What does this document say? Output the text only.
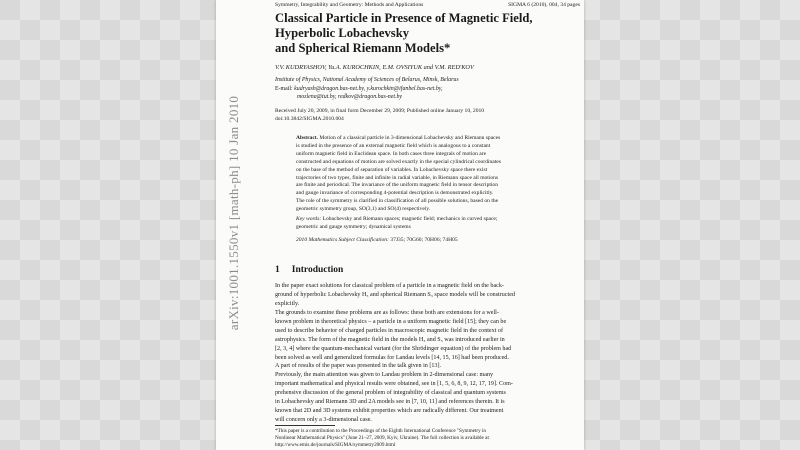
Symmetry, Integrability and Geometry: Methods and Applications	SIGMA 6 (2010), 004, 34 pages
arXiv:1001.1550v1 [math-ph] 10 Jan 2010
Classical Particle in Presence of Magnetic Field,
Hyperbolic Lobachevsky
and Spherical Riemann Models*
V.V. KUDRYASHOV, Yu.A. KUROCHKIN, E.M. OVSIYUK and V.M. RED'KOV
Institute of Physics, National Academy of Sciences of Belarus, Minsk, Belarus
E-mail: kudryash@dragon.bas-net.by, y.kurochkin@ifanbel.bas-net.by,
mozlena@tut.by, redkov@dragon.bas-net.by
Received July 20, 2009, in final form December 29, 2009; Published online January 10, 2010
doi:10.3842/SIGMA.2010.004

Abstract. Motion of a classical particle in 3-dimensional Lobachevsky and Riemann spaces

is studied in the presence of an external magnetic field which is analogous to a constant

uniform magnetic field in Euclidean space. In both cases three integrals of motion are

constructed and equations of motion are solved exactly in the special cylindrical coordinates

on the base of the method of separation of variables. In Lobachevsky space there exist

trajectories of two types, finite and infinite in radial variable, in Riemann space all motions

are finite and periodical. The invariance of the uniform magnetic field in tensor description

and gauge invariance of corresponding 4-potential description is demonstrated explicitly.

The role of the symmetry is clarified in classification of all possible solutions, based on the

geometric symmetry group, SO(3,1) and SO(4) respectively.

Key words: Lobachevsky and Riemann spaces; magnetic field; mechanics in curved space;

geometric and gauge symmetry; dynamical systems

2010 Mathematics Subject Classification: 37J35; 70G60; 70H06; 74H05

1 Introduction

In the paper exact solutions for classical problem of a particle in a magnetic field on the back-

ground of hyperbolic Lobachevsky H₃ and spherical Riemann S₃ space models will be constructed

explicitly.

The grounds to examine these problems are as follows: these both are extensions for a well-

known problem in theoretical physics – a particle in a uniform magnetic field [15]; they can be

used to describe behavior of charged particles in macroscopic magnetic field in the context of

astrophysics. The form of the magnetic field in the models H₃ and S₃ was introduced earlier in

[2, 3, 4] where the quantum-mechanical variant (for the Shrödinger equation) of the problem had

been solved as well and generalized formulas for Landau levels [14, 15, 16] had been produced.

A part of results of the paper was presented in the talk given in [13].

Previously, the main attention was given to Landau problem in 2-dimensional case: many

important mathematical and physical results were obtained, see in [1, 5, 6, 8, 9, 12, 17, 19]. Com-

prehensive discussion of the general problem of integrability of classical and quantum systems

in Lobachevsky and Riemann 3D and 2A models see in [7, 10, 11] and references therein. It is

known that 2D and 3D systems exhibit properties which are radically different. Our treatment

will concern only a 3-dimensional case.

*This paper is a contribution to the Proceedings of the Eighth International Conference "Symmetry in

Nonlinear Mathematical Physics" (June 21–27, 2009, Kyiv, Ukraine). The full collection is available at

http://www.emis.de/journals/SIGMA/symmetry2009.html
